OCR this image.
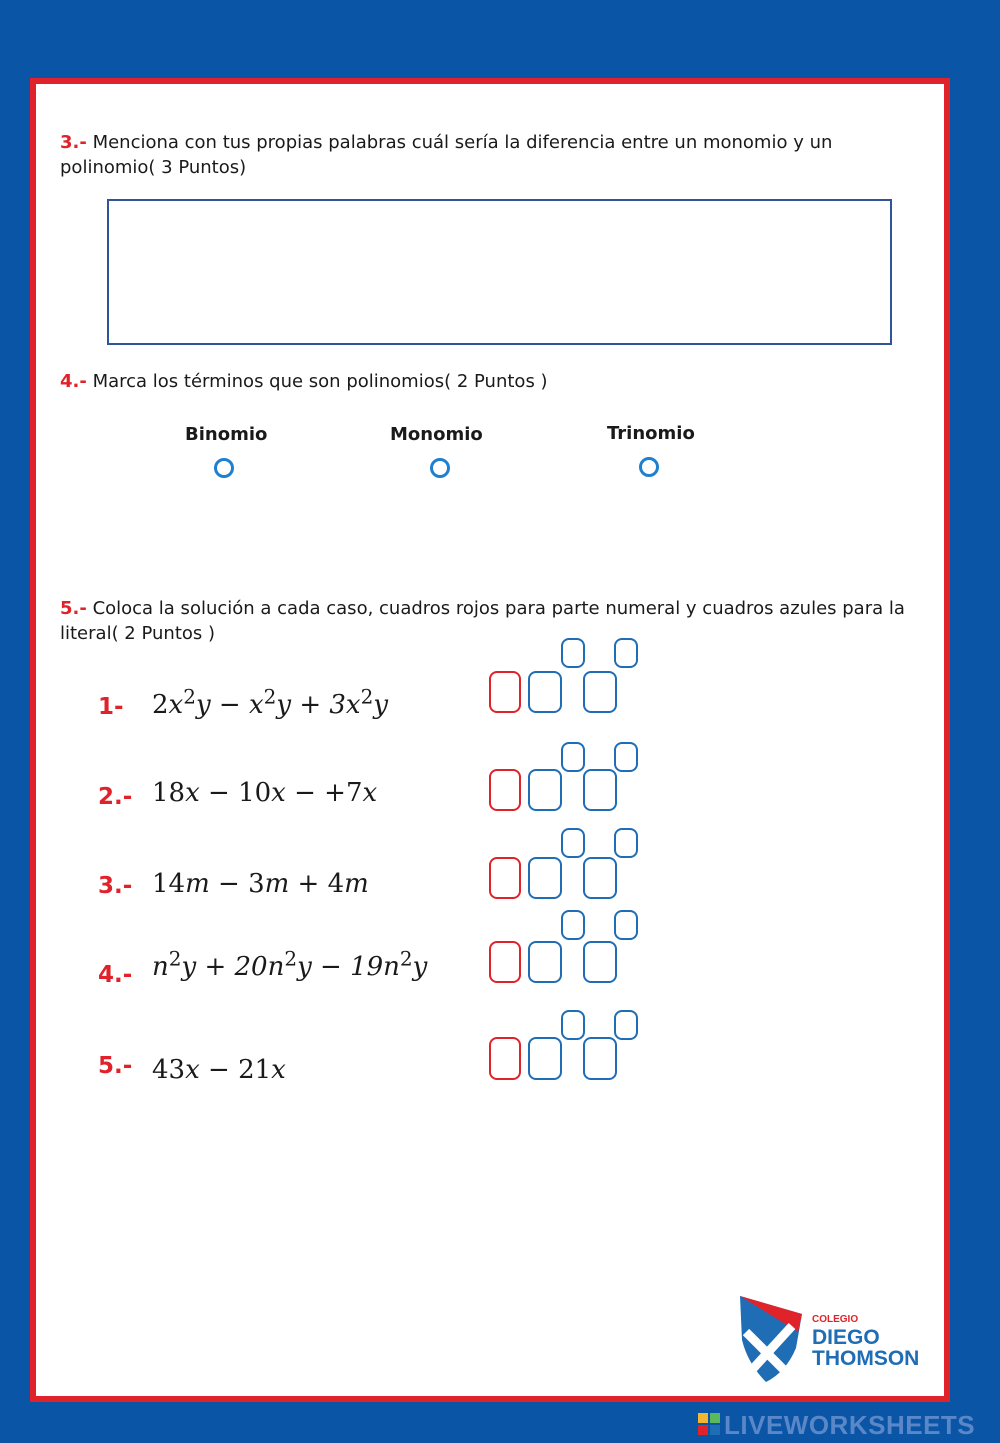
3.- Menciona con tus propias palabras cuál sería la diferencia entre un monomio y un polinomio( 3 Puntos)
4.- Marca los términos que son polinomios( 2 Puntos )
Binomio	Monomio	Trinomio
5.- Coloca la solución a cada caso, cuadros rojos para parte numeral y cuadros azules para la literal( 2 Puntos )
1- $2x^2y - x^2y + 3x^2y$
2.- 18x − 10x − +7x
3.- 14m − 3m + 4m
4.- $n^2y + 20n^2y - 19n^2y$
5.- 43x − 21x
COLEGIO
DIEGO
THOMSON
LIVEWORKSHEETS
